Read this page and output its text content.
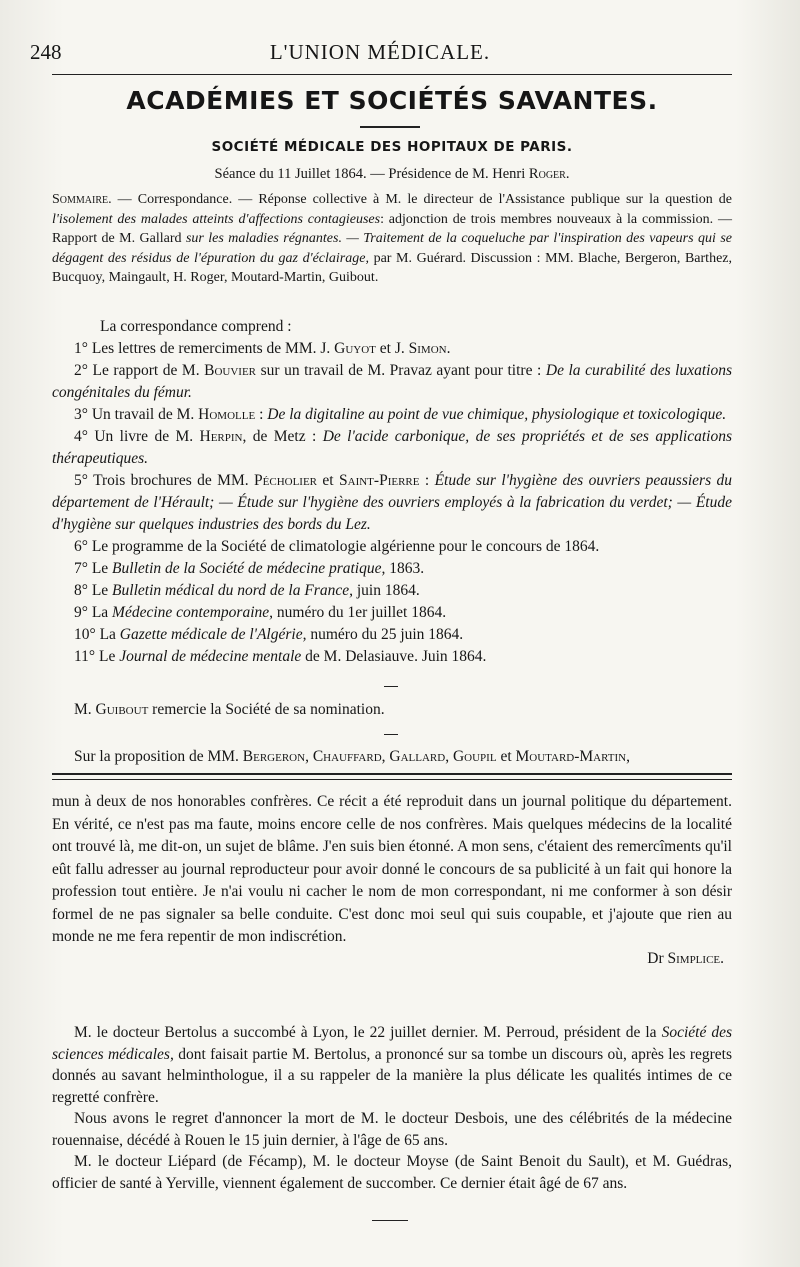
248	L'UNION MÉDICALE.
ACADÉMIES ET SOCIÉTÉS SAVANTES.
SOCIÉTÉ MÉDICALE DES HOPITAUX DE PARIS.
Séance du 11 Juillet 1864. — Présidence de M. Henri Roger.
Sommaire. — Correspondance. — Réponse collective à M. le directeur de l'Assistance publique sur la question de l'isolement des malades atteints d'affections contagieuses: adjonction de trois membres nouveaux à la commission. — Rapport de M. Gallard sur les maladies régnantes. — Traitement de la coqueluche par l'inspiration des vapeurs qui se dégagent des résidus de l'épuration du gaz d'éclairage, par M. Guérard. Discussion : MM. Blache, Bergeron, Barthez, Bucquoy, Maingault, H. Roger, Moutard-Martin, Guibout.
La correspondance comprend :
1° Les lettres de remerciments de MM. J. Guyot et J. Simon.
2° Le rapport de M. Bouvier sur un travail de M. Pravaz ayant pour titre : De la curabilité des luxations congénitales du fémur.
3° Un travail de M. Homolle : De la digitaline au point de vue chimique, physiologique et toxicologique.
4° Un livre de M. Herpin, de Metz : De l'acide carbonique, de ses propriétés et de ses applications thérapeutiques.
5° Trois brochures de MM. Pécholier et Saint-Pierre : Étude sur l'hygiène des ouvriers peaussiers du département de l'Hérault; — Étude sur l'hygiène des ouvriers employés à la fabrication du verdet; — Étude d'hygiène sur quelques industries des bords du Lez.
6° Le programme de la Société de climatologie algérienne pour le concours de 1864.
7° Le Bulletin de la Société de médecine pratique, 1863.
8° Le Bulletin médical du nord de la France, juin 1864.
9° La Médecine contemporaine, numéro du 1er juillet 1864.
10° La Gazette médicale de l'Algérie, numéro du 25 juin 1864.
11° Le Journal de médecine mentale de M. Delasiauve. Juin 1864.
M. Guibout remercie la Société de sa nomination.
Sur la proposition de MM. Bergeron, Chauffard, Gallard, Goupil et Moutard-Martin,
mun à deux de nos honorables confrères. Ce récit a été reproduit dans un journal politique du département. En vérité, ce n'est pas ma faute, moins encore celle de nos confrères. Mais quelques médecins de la localité ont trouvé là, me dit-on, un sujet de blâme. J'en suis bien étonné. A mon sens, c'étaient des remercîments qu'il eût fallu adresser au journal reproducteur pour avoir donné le concours de sa publicité à un fait qui honore la profession tout entière. Je n'ai voulu ni cacher le nom de mon correspondant, ni me conformer à son désir formel de ne pas signaler sa belle conduite. C'est donc moi seul qui suis coupable, et j'ajoute que rien au monde ne me fera repentir de mon indiscrétion.
Dr Simplice.
M. le docteur Bertolus a succombé à Lyon, le 22 juillet dernier. M. Perroud, président de la Société des sciences médicales, dont faisait partie M. Bertolus, a prononcé sur sa tombe un discours où, après les regrets donnés au savant helminthologue, il a su rappeler de la manière la plus délicate les qualités intimes de ce regretté confrère.
Nous avons le regret d'annoncer la mort de M. le docteur Desbois, une des célébrités de la médecine rouennaise, décédé à Rouen le 15 juin dernier, à l'âge de 65 ans.
M. le docteur Liépard (de Fécamp), M. le docteur Moyse (de Saint Benoit du Sault), et M. Guédras, officier de santé à Yerville, viennent également de succomber. Ce dernier était âgé de 67 ans.
